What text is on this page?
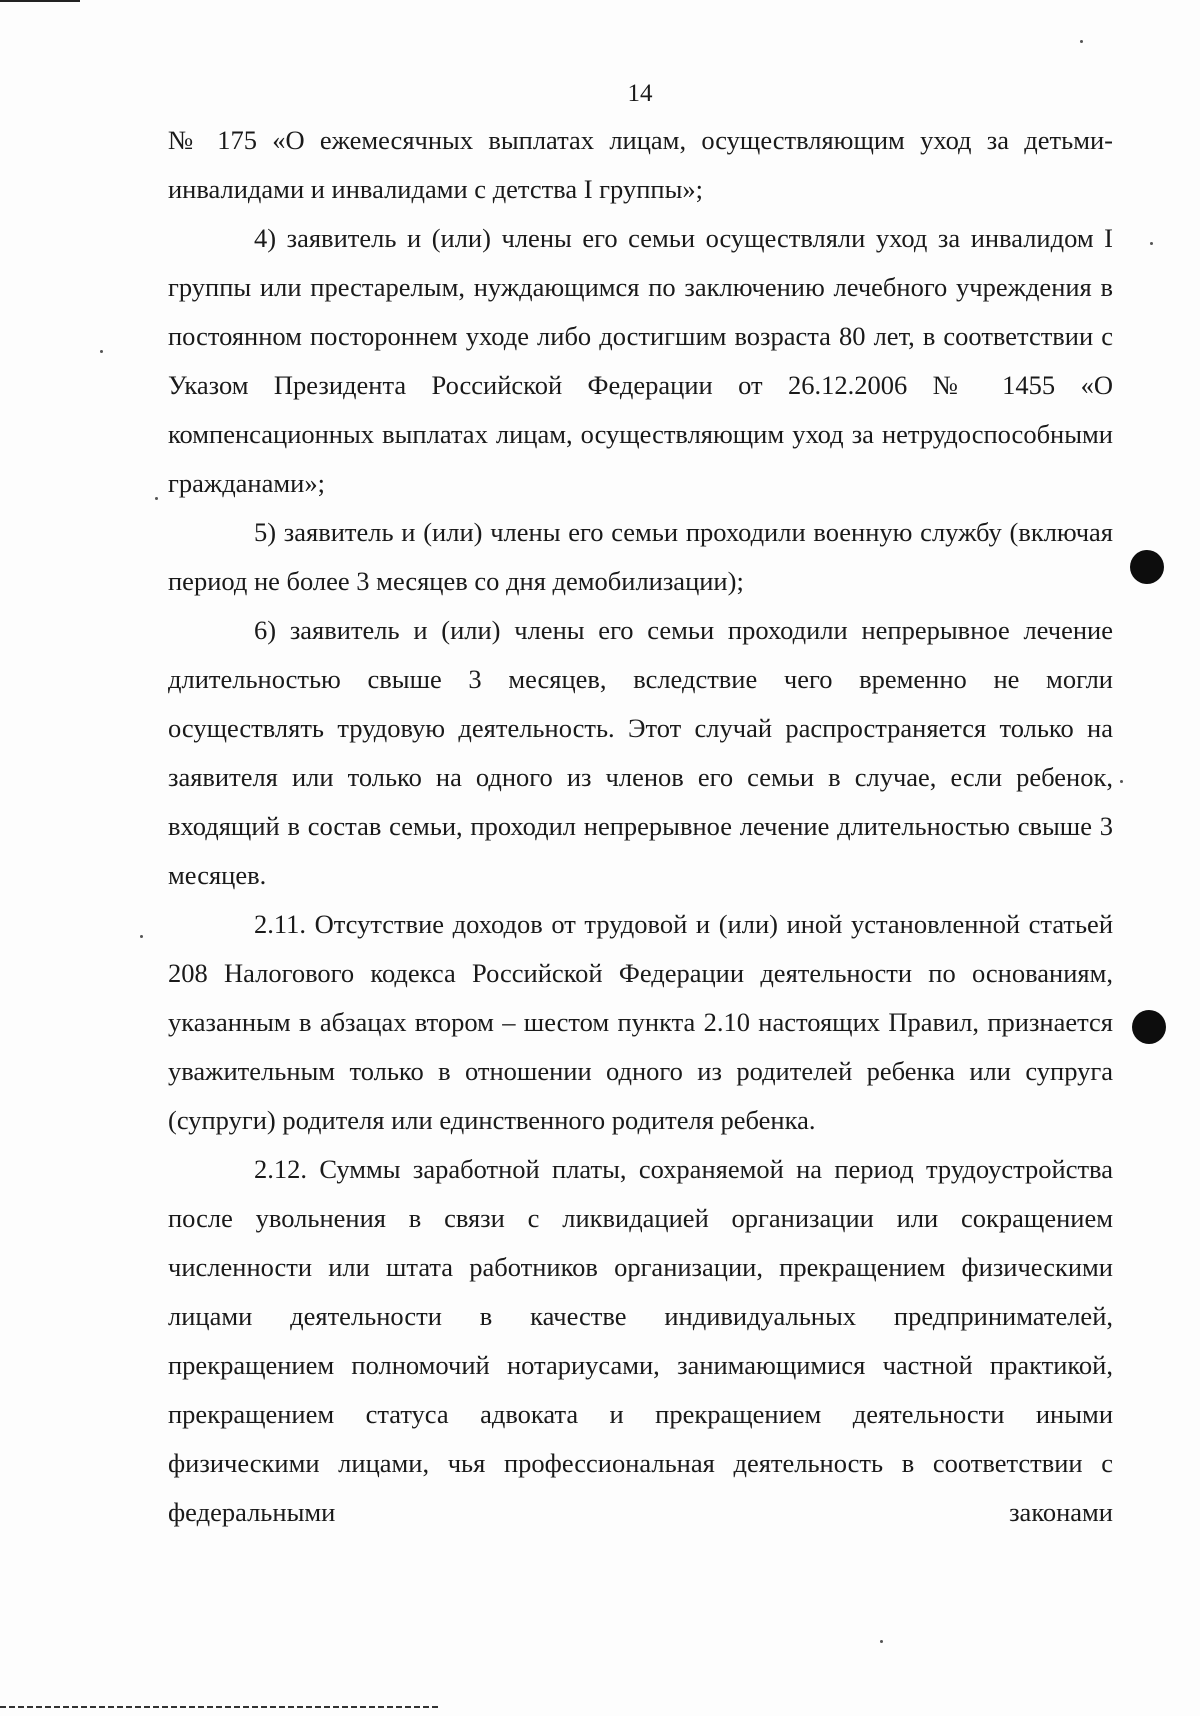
14

№ 175 «О ежемесячных выплатах лицам, осуществляющим уход за детьми-инвалидами и инвалидами с детства I группы»;

4) заявитель и (или) члены его семьи осуществляли уход за инвалидом I группы или престарелым, нуждающимся по заключению лечебного учреждения в постоянном постороннем уходе либо достигшим возраста 80 лет, в соответствии с Указом Президента Российской Федерации от 26.12.2006 № 1455 «О компенсационных выплатах лицам, осуществляющим уход за нетрудоспособными гражданами»;

5) заявитель и (или) члены его семьи проходили военную службу (включая период не более 3 месяцев со дня демобилизации);

6) заявитель и (или) члены его семьи проходили непрерывное лечение длительностью свыше 3 месяцев, вследствие чего временно не могли осуществлять трудовую деятельность. Этот случай распространяется только на заявителя или только на одного из членов его семьи в случае, если ребенок, входящий в состав семьи, проходил непрерывное лечение длительностью свыше 3 месяцев.

2.11. Отсутствие доходов от трудовой и (или) иной установленной статьей 208 Налогового кодекса Российской Федерации деятельности по основаниям, указанным в абзацах втором – шестом пункта 2.10 настоящих Правил, признается уважительным только в отношении одного из родителей ребенка или супруга (супруги) родителя или единственного родителя ребенка.

2.12. Суммы заработной платы, сохраняемой на период трудоустройства после увольнения в связи с ликвидацией организации или сокращением численности или штата работников организации, прекращением физическими лицами деятельности в качестве индивидуальных предпринимателей, прекращением полномочий нотариусами, занимающимися частной практикой, прекращением статуса адвоката и прекращением деятельности иными физическими лицами, чья профессиональная деятельность в соответствии с федеральными законами
